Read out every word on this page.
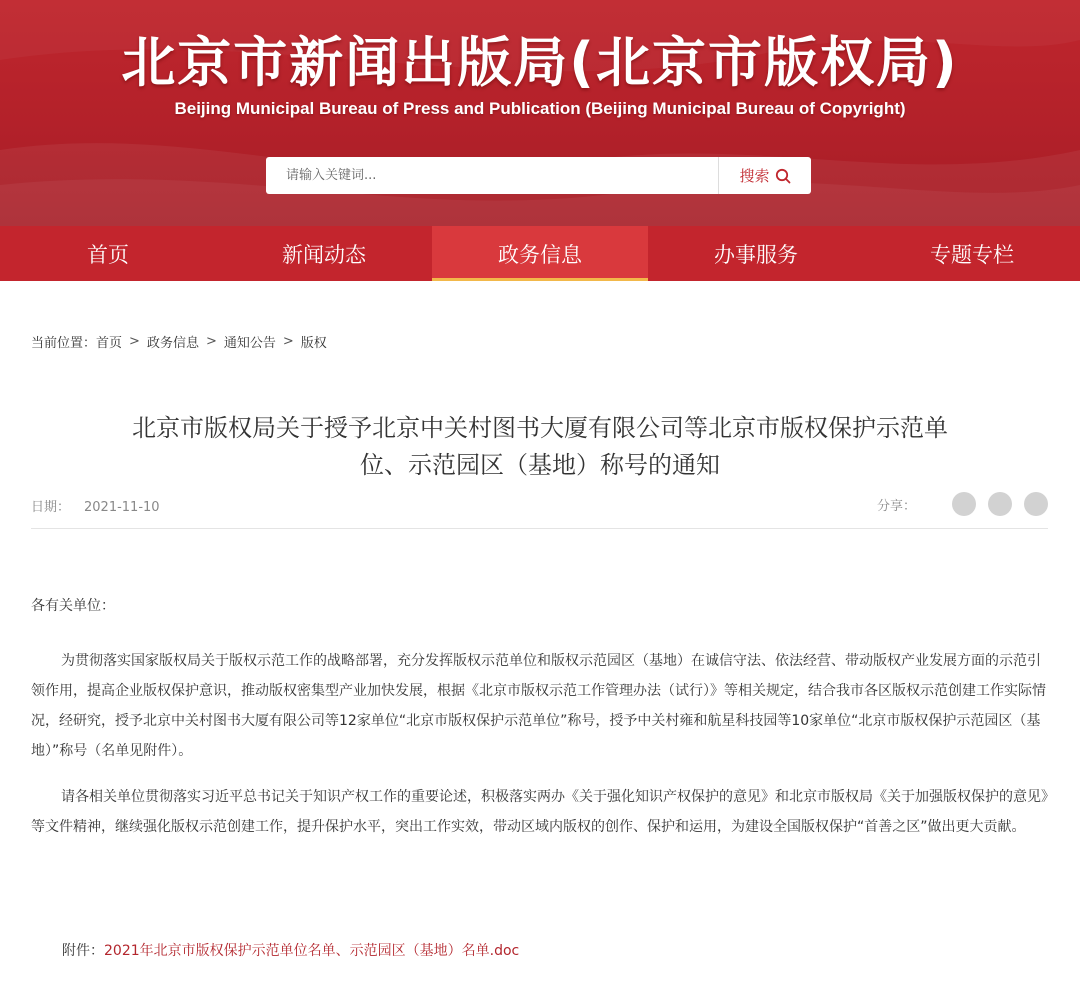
北京市新闻出版局(北京市版权局)
Beijing Municipal Bureau of Press and Publication (Beijing Municipal Bureau of Copyright)
请输入关键词...
搜索
首页	新闻动态	政务信息	办事服务	专题专栏
当前位置： 首页 > 政务信息 > 通知公告 > 版权
北京市版权局关于授予北京中关村图书大厦有限公司等北京市版权保护示范单
位、示范园区（基地）称号的通知
日期： 2021-11-10	分享：
各有关单位：

为贯彻落实国家版权局关于版权示范工作的战略部署，充分发挥版权示范单位和版权示范园区（基地）在诚信守法、依法经营、带动版权产业发展方面的示范引领作用，提高企业版权保护意识，推动版权密集型产业加快发展，根据《北京市版权示范工作管理办法（试行）》等相关规定，结合我市各区版权示范创建工作实际情况，经研究，授予北京中关村图书大厦有限公司等12家单位“北京市版权保护示范单位”称号，授予中关村雍和航星科技园等10家单位“北京市版权保护示范园区（基地）”称号（名单见附件）。

请各相关单位贯彻落实习近平总书记关于知识产权工作的重要论述，积极落实两办《关于强化知识产权保护的意见》和北京市版权局《关于加强版权保护的意见》等文件精神，继续强化版权示范创建工作，提升保护水平，突出工作实效，带动区域内版权的创作、保护和运用，为建设全国版权保护“首善之区”做出更大贡献。

附件：2021年北京市版权保护示范单位名单、示范园区（基地）名单.doc
